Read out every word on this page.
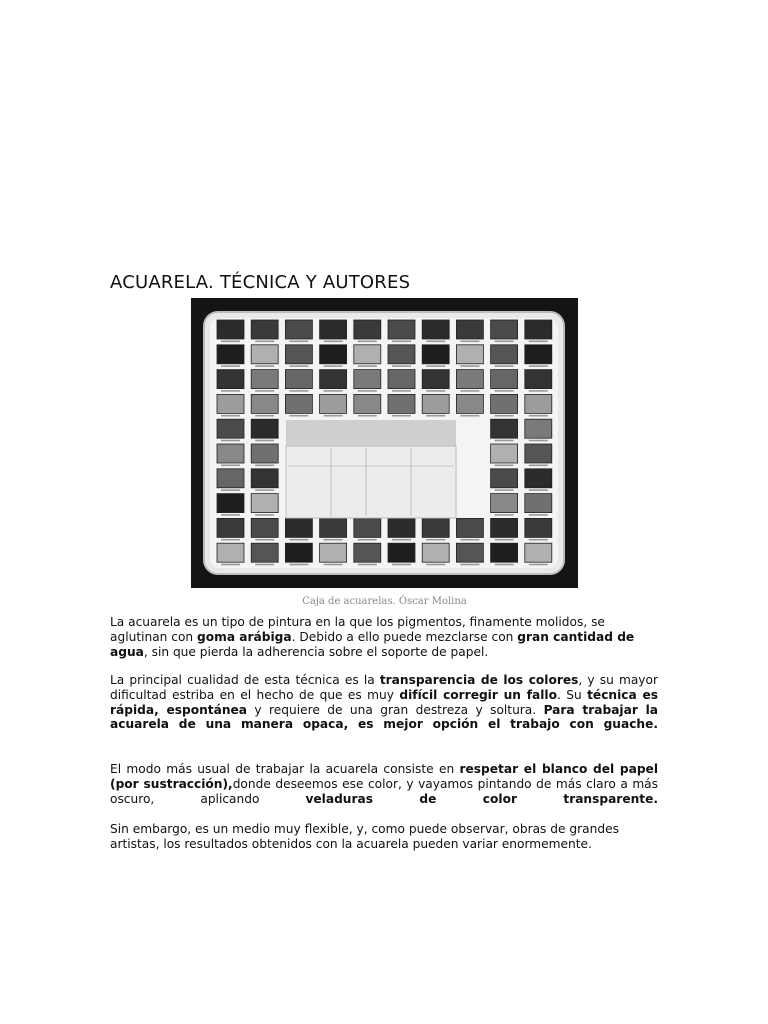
ACUARELA. TÉCNICA Y AUTORES
Caja de acuarelas. Óscar Molina

La acuarela es un tipo de pintura en la que los pigmentos, finamente molidos, se aglutinan con goma arábiga. Debido a ello puede mezclarse con gran cantidad de agua, sin que pierda la adherencia sobre el soporte de papel.

La principal cualidad de esta técnica es la transparencia de los colores, y su mayor dificultad estriba en el hecho de que es muy difícil corregir un fallo. Su técnica es rápida, espontánea y requiere de una gran destreza y soltura. Para trabajar la acuarela de una manera opaca, es mejor opción el trabajo con guache.

El modo más usual de trabajar la acuarela consiste en respetar el blanco del papel (por sustracción),donde deseemos ese color, y vayamos pintando de más claro a más oscuro, aplicando veladuras de color transparente.

Sin embargo, es un medio muy flexible, y, como puede observar, obras de grandes artistas, los resultados obtenidos con la acuarela pueden variar enormemente.
